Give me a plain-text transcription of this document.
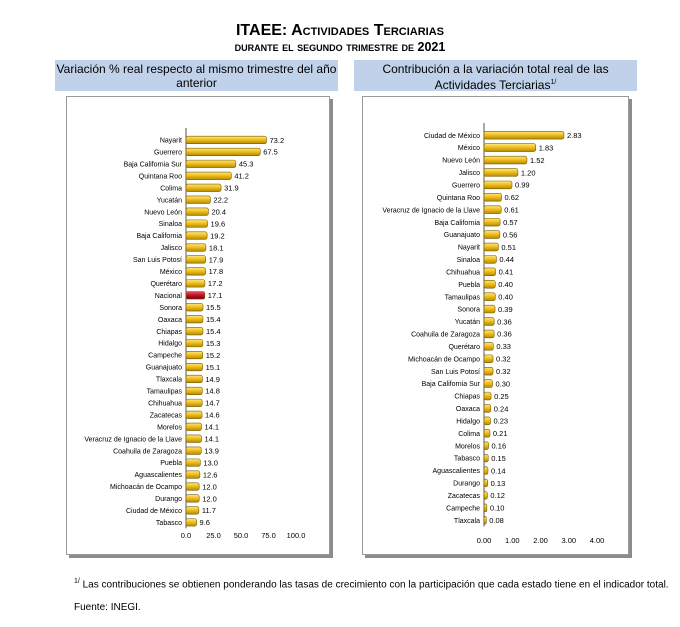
ITAEE: Actividades Terciarias
durante el segundo trimestre de 2021
Variación % real respecto al mismo trimestre del año anterior
Contribución a la variación total real de las Actividades Terciarias$^{1/}$
Nayarit	73.2
Guerrero	67.5
Baja California Sur	45.3
Quintana Roo	41.2
Colima	31.9
Yucatán	22.2
Nuevo León	20.4
Sinaloa	19.6
Baja California	19.2
Jalisco	18.1
San Luis Potosí	17.9
México	17.8
Querétaro	17.2
Nacional	17.1
Sonora	15.5
Oaxaca	15.4
Chiapas	15.4
Hidalgo	15.3
Campeche	15.2
Guanajuato	15.1
Tlaxcala	14.9
Tamaulipas	14.8
Chihuahua	14.7
Zacatecas	14.6
Morelos	14.1
Veracruz de Ignacio de la Llave	14.1
Coahuila de Zaragoza	13.9
Puebla	13.0
Aguascalientes	12.6
Michoacán de Ocampo	12.0
Durango	12.0
Ciudad de México	11.7
Tabasco 9.6
0.0 25.0 50.0 75.0 100.0
Ciudad de México	2.83
México	1.83
Nuevo León	1.52
Jalisco	1.20
Guerrero	0.99
Quintana Roo	0.62
Veracruz de Ignacio de la Llave	0.61
Baja California	0.57
Guanajuato	0.56
Nayarit	0.51
Sinaloa	0.44
Chihuahua 0.41
Puebla 0.40
Tamaulipas 0.40
Sonora 0.39
Yucatán 0.36
Coahuila de Zaragoza 0.36
Querétaro 0.33
Michoacán de Ocampo 0.32
San Luis Potosí 0.32
Baja California Sur 0.30
Chiapas 0.25
Oaxaca 0.24
Hidalgo 0.23
Colima 0.21
Morelos 0.16
Tabasco 0.15
Aguascalientes 0.14
Durango 0.13
Zacatecas 0.12
Campeche 0.10
Tlaxcala 0.08
0.00 1.00 2.00 3.00 4.00
$^{1/}$ Las contribuciones se obtienen ponderando las tasas de crecimiento con la participación que cada estado tiene en el indicador total.
Fuente: INEGI.
